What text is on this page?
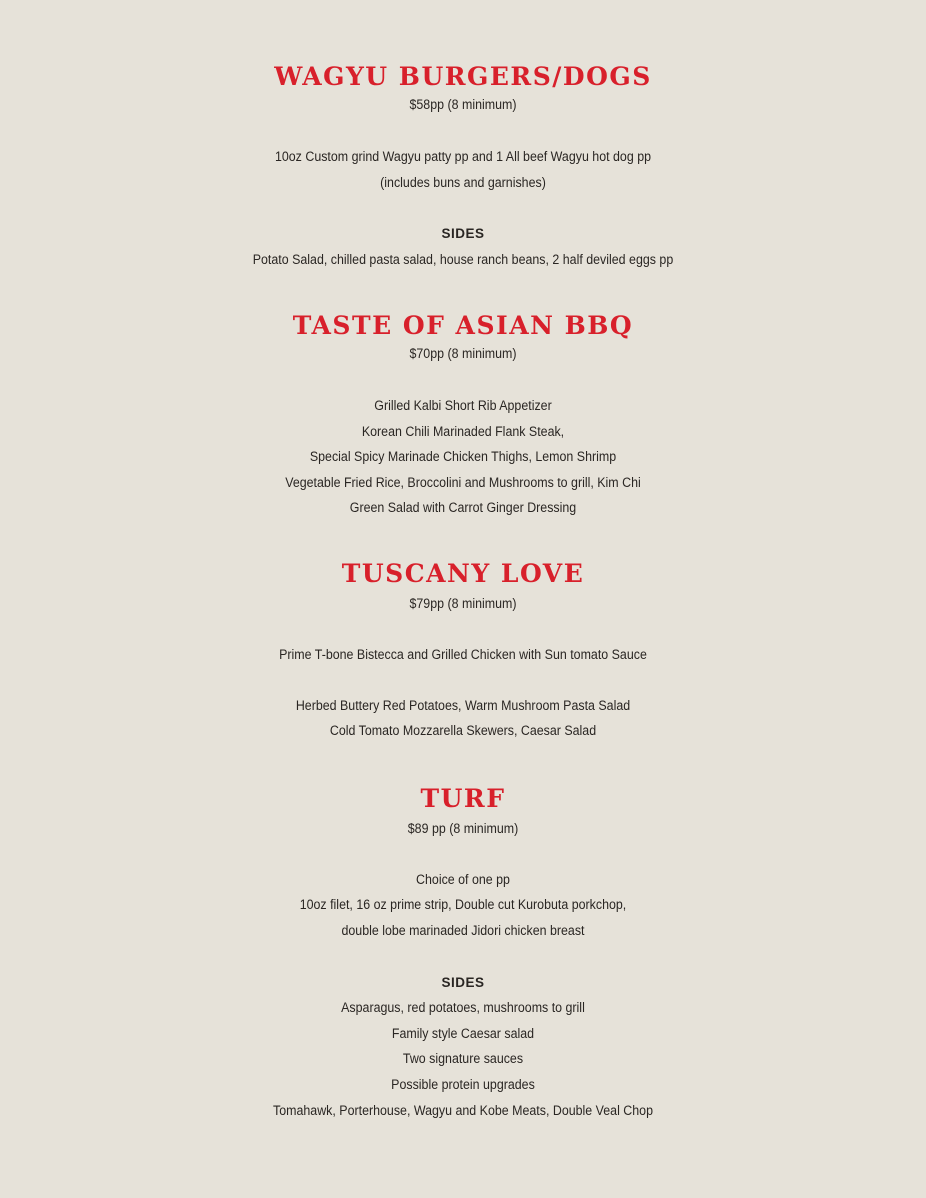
WAGYU BURGERS/DOGS
$58pp (8 minimum)
10oz Custom grind Wagyu patty pp and 1 All beef Wagyu hot dog pp
(includes buns and garnishes)
SIDES
Potato Salad, chilled pasta salad, house ranch beans, 2 half deviled eggs pp
TASTE OF ASIAN BBQ
$70pp (8 minimum)
Grilled Kalbi Short Rib Appetizer
Korean Chili Marinaded Flank Steak,
Special Spicy Marinade Chicken Thighs, Lemon Shrimp
Vegetable Fried Rice, Broccolini and Mushrooms to grill, Kim Chi
Green Salad with Carrot Ginger Dressing
TUSCANY LOVE
$79pp (8 minimum)
Prime T-bone Bistecca and Grilled Chicken with Sun tomato Sauce
Herbed Buttery Red Potatoes, Warm Mushroom Pasta Salad
Cold Tomato Mozzarella Skewers, Caesar Salad
TURF
$89 pp (8 minimum)
Choice of one pp
10oz filet, 16 oz prime strip, Double cut Kurobuta porkchop,
double lobe marinaded Jidori chicken breast
SIDES
Asparagus, red potatoes, mushrooms to grill
Family style Caesar salad
Two signature sauces
Possible protein upgrades
Tomahawk, Porterhouse, Wagyu and Kobe Meats, Double Veal Chop
